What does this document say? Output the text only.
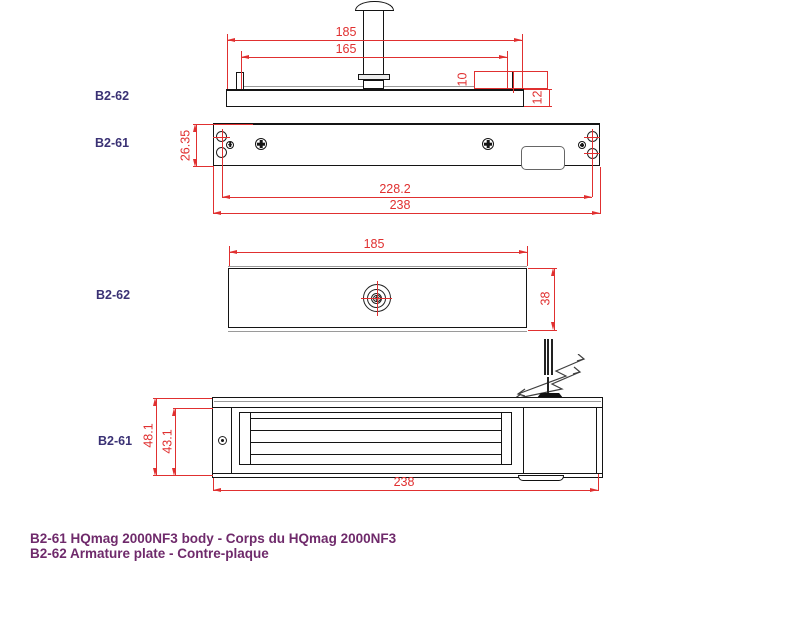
185
165
10
12
B2-62
26.35
228.2
238
B2-61
185
38
B2-62
48.1 43.1
238
B2-61
B2-61 HQmag 2000NF3 body - Corps du HQmag 2000NF3
B2-62 Armature plate - Contre-plaque
